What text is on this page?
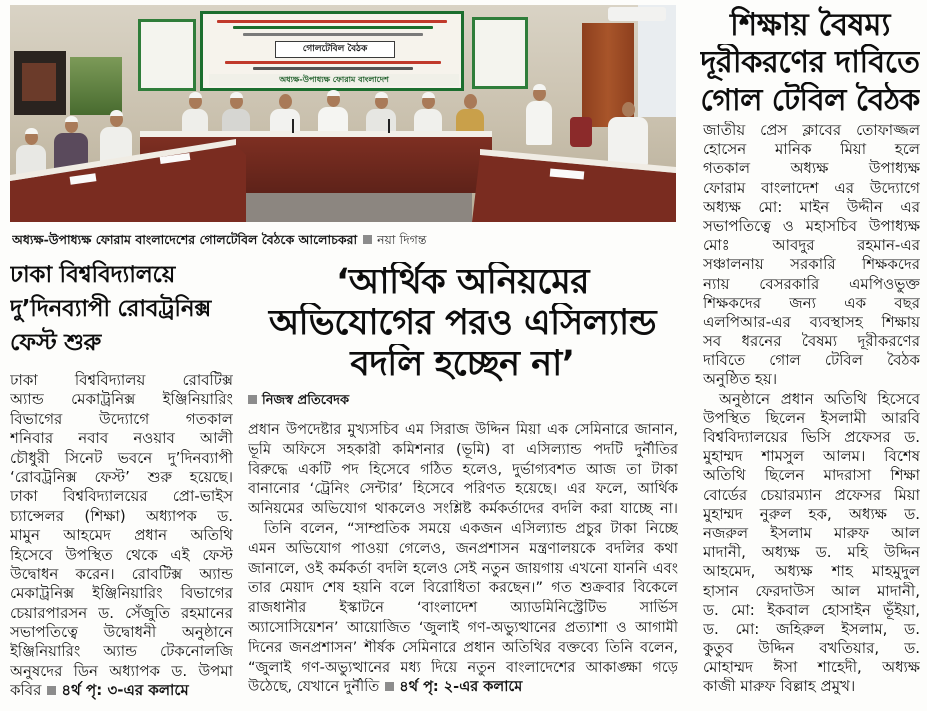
গোলটেবিল বৈঠক
অধ্যক্ষ-উপাধ্যক্ষ ফোরাম বাংলাদেশ
অধ্যক্ষ-উপাধ্যক্ষ ফোরাম বাংলাদেশের গোলটেবিল বৈঠকে আলোচকরা নয়া দিগন্ত
শিক্ষায় বৈষম্য
দূরীকরণের দাবিতে
গোল টেবিল বৈঠক
জাতীয় প্রেস ক্লাবের তোফাজ্জল
হোসেন মানিক মিয়া হলে
গতকাল অধ্যক্ষ উপাধ্যক্ষ
ফোরাম বাংলাদেশ এর উদ্যোগে
অধ্যক্ষ মো: মাইন উদ্দীন এর
সভাপতিত্বে ও মহাসচিব উপাধ্যক্ষ
মোঃ আবদুর রহমান-এর
সঞ্চালনায় সরকারি শিক্ষকদের
ন্যায় বেসরকারি এমপিওভুক্ত
শিক্ষকদের জন্য এক বছর
এলপিআর-এর ব্যবস্থাসহ শিক্ষায়
সব ধরনের বৈষম্য দূরীকরণের
দাবিতে গোল টেবিল বৈঠক
অনুষ্ঠিত হয়।
অনুষ্ঠানে প্রধান অতিথি হিসেবে
উপস্থিত ছিলেন ইসলামী আরবি
বিশ্ববিদ্যালয়ের ভিসি প্রফেসর ড.
মুহাম্মদ শামসুল আলম। বিশেষ
অতিথি ছিলেন মাদরাসা শিক্ষা
বোর্ডের চেয়ারম্যান প্রফেসর মিয়া
মুহাম্মদ নুরুল হক, অধ্যক্ষ ড.
নজরুল ইসলাম মারুফ আল
মাদানী, অধ্যক্ষ ড. মহি উদ্দিন
আহমেদ, অধ্যক্ষ শাহ মাহমুদুল
হাসান ফেরদাউস আল মাদানী,
ড. মো: ইকবাল হোসাইন ভূঁইয়া,
ড. মো: জহিরুল ইসলাম, ড.
কুতুব উদ্দিন বখতিয়ার, ড.
মোহাম্মদ ঈসা শাহেদী, অধ্যক্ষ
কাজী মারুফ বিল্লাহ প্রমুখ।
ঢাকা বিশ্ববিদ্যালয়ে
দু’দিনব্যাপী রোবট্রনিক্স
ফেস্ট শুরু
ঢাকা বিশ্ববিদ্যালয় রোবটিক্স
অ্যান্ড মেকাট্রনিক্স ইঞ্জিনিয়ারিং
বিভাগের উদ্যোগে গতকাল
শনিবার নবাব নওয়াব আলী
চৌধুরী সিনেট ভবনে দু’দিনব্যাপী
‘রোবট্রনিক্স ফেস্ট’ শুরু হয়েছে।
ঢাকা বিশ্ববিদ্যালয়ের প্রো-ভাইস
চ্যান্সেলর (শিক্ষা) অধ্যাপক ড.
মামুন আহমেদ প্রধান অতিথি
হিসেবে উপস্থিত থেকে এই ফেস্ট
উদ্বোধন করেন। রোবটিক্স অ্যান্ড
মেকাট্রনিক্স ইঞ্জিনিয়ারিং বিভাগের
চেয়ারপারসন ড. সেঁজুতি রহমানের
সভাপতিত্বে উদ্বোধনী অনুষ্ঠানে
ইঞ্জিনিয়ারিং অ্যান্ড টেকনোলজি
অনুষদের ডিন অধ্যাপক ড. উপমা
কবির ৪র্থ পৃ: ৩-এর কলামে
‘আর্থিক অনিয়মের
অভিযোগের পরও এসিল্যান্ড
বদলি হচ্ছেন না’
নিজস্ব প্রতিবেদক
প্রধান উপদেষ্টার মুখ্যসচিব এম সিরাজ উদ্দিন মিয়া এক সেমিনারে জানান,
ভূমি অফিসে সহকারী কমিশনার (ভূমি) বা এসিল্যান্ড পদটি দুর্নীতির
বিরুদ্ধে একটি পদ হিসেবে গঠিত হলেও, দুর্ভাগ্যবশত আজ তা টাকা
বানানোর ‘ট্রেনিং সেন্টার’ হিসেবে পরিণত হয়েছে। এর ফলে, আর্থিক
অনিয়মের অভিযোগ থাকলেও সংশ্লিষ্ট কর্মকর্তাদের বদলি করা যাচ্ছে না।
তিনি বলেন, “সাম্প্রতিক সময়ে একজন এসিল্যান্ড প্রচুর টাকা নিচ্ছে
এমন অভিযোগ পাওয়া গেলেও, জনপ্রশাসন মন্ত্রণালয়কে বদলির কথা
জানালে, ওই কর্মকর্তা বদলি হলেও সেই নতুন জায়গায় এখনো যাননি এবং
তার মেয়াদ শেষ হয়নি বলে বিরোধিতা করছেন।” গত শুক্রবার বিকেলে
রাজধানীর ইস্কাটনে ‘বাংলাদেশ অ্যাডমিনিস্ট্রেটিভ সার্ভিস
অ্যাসোসিয়েশন’ আয়োজিত ‘জুলাই গণ-অভ্যুত্থানের প্রত্যাশা ও আগামী
দিনের জনপ্রশাসন’ শীর্ষক সেমিনারে প্রধান অতিথির বক্তব্যে তিনি বলেন,
“জুলাই গণ-অভ্যুত্থানের মধ্য দিয়ে নতুন বাংলাদেশের আকাঙ্ক্ষা গড়ে
উঠেছে, যেখানে দুর্নীতি ৪র্থ পৃ: ২-এর কলামে
